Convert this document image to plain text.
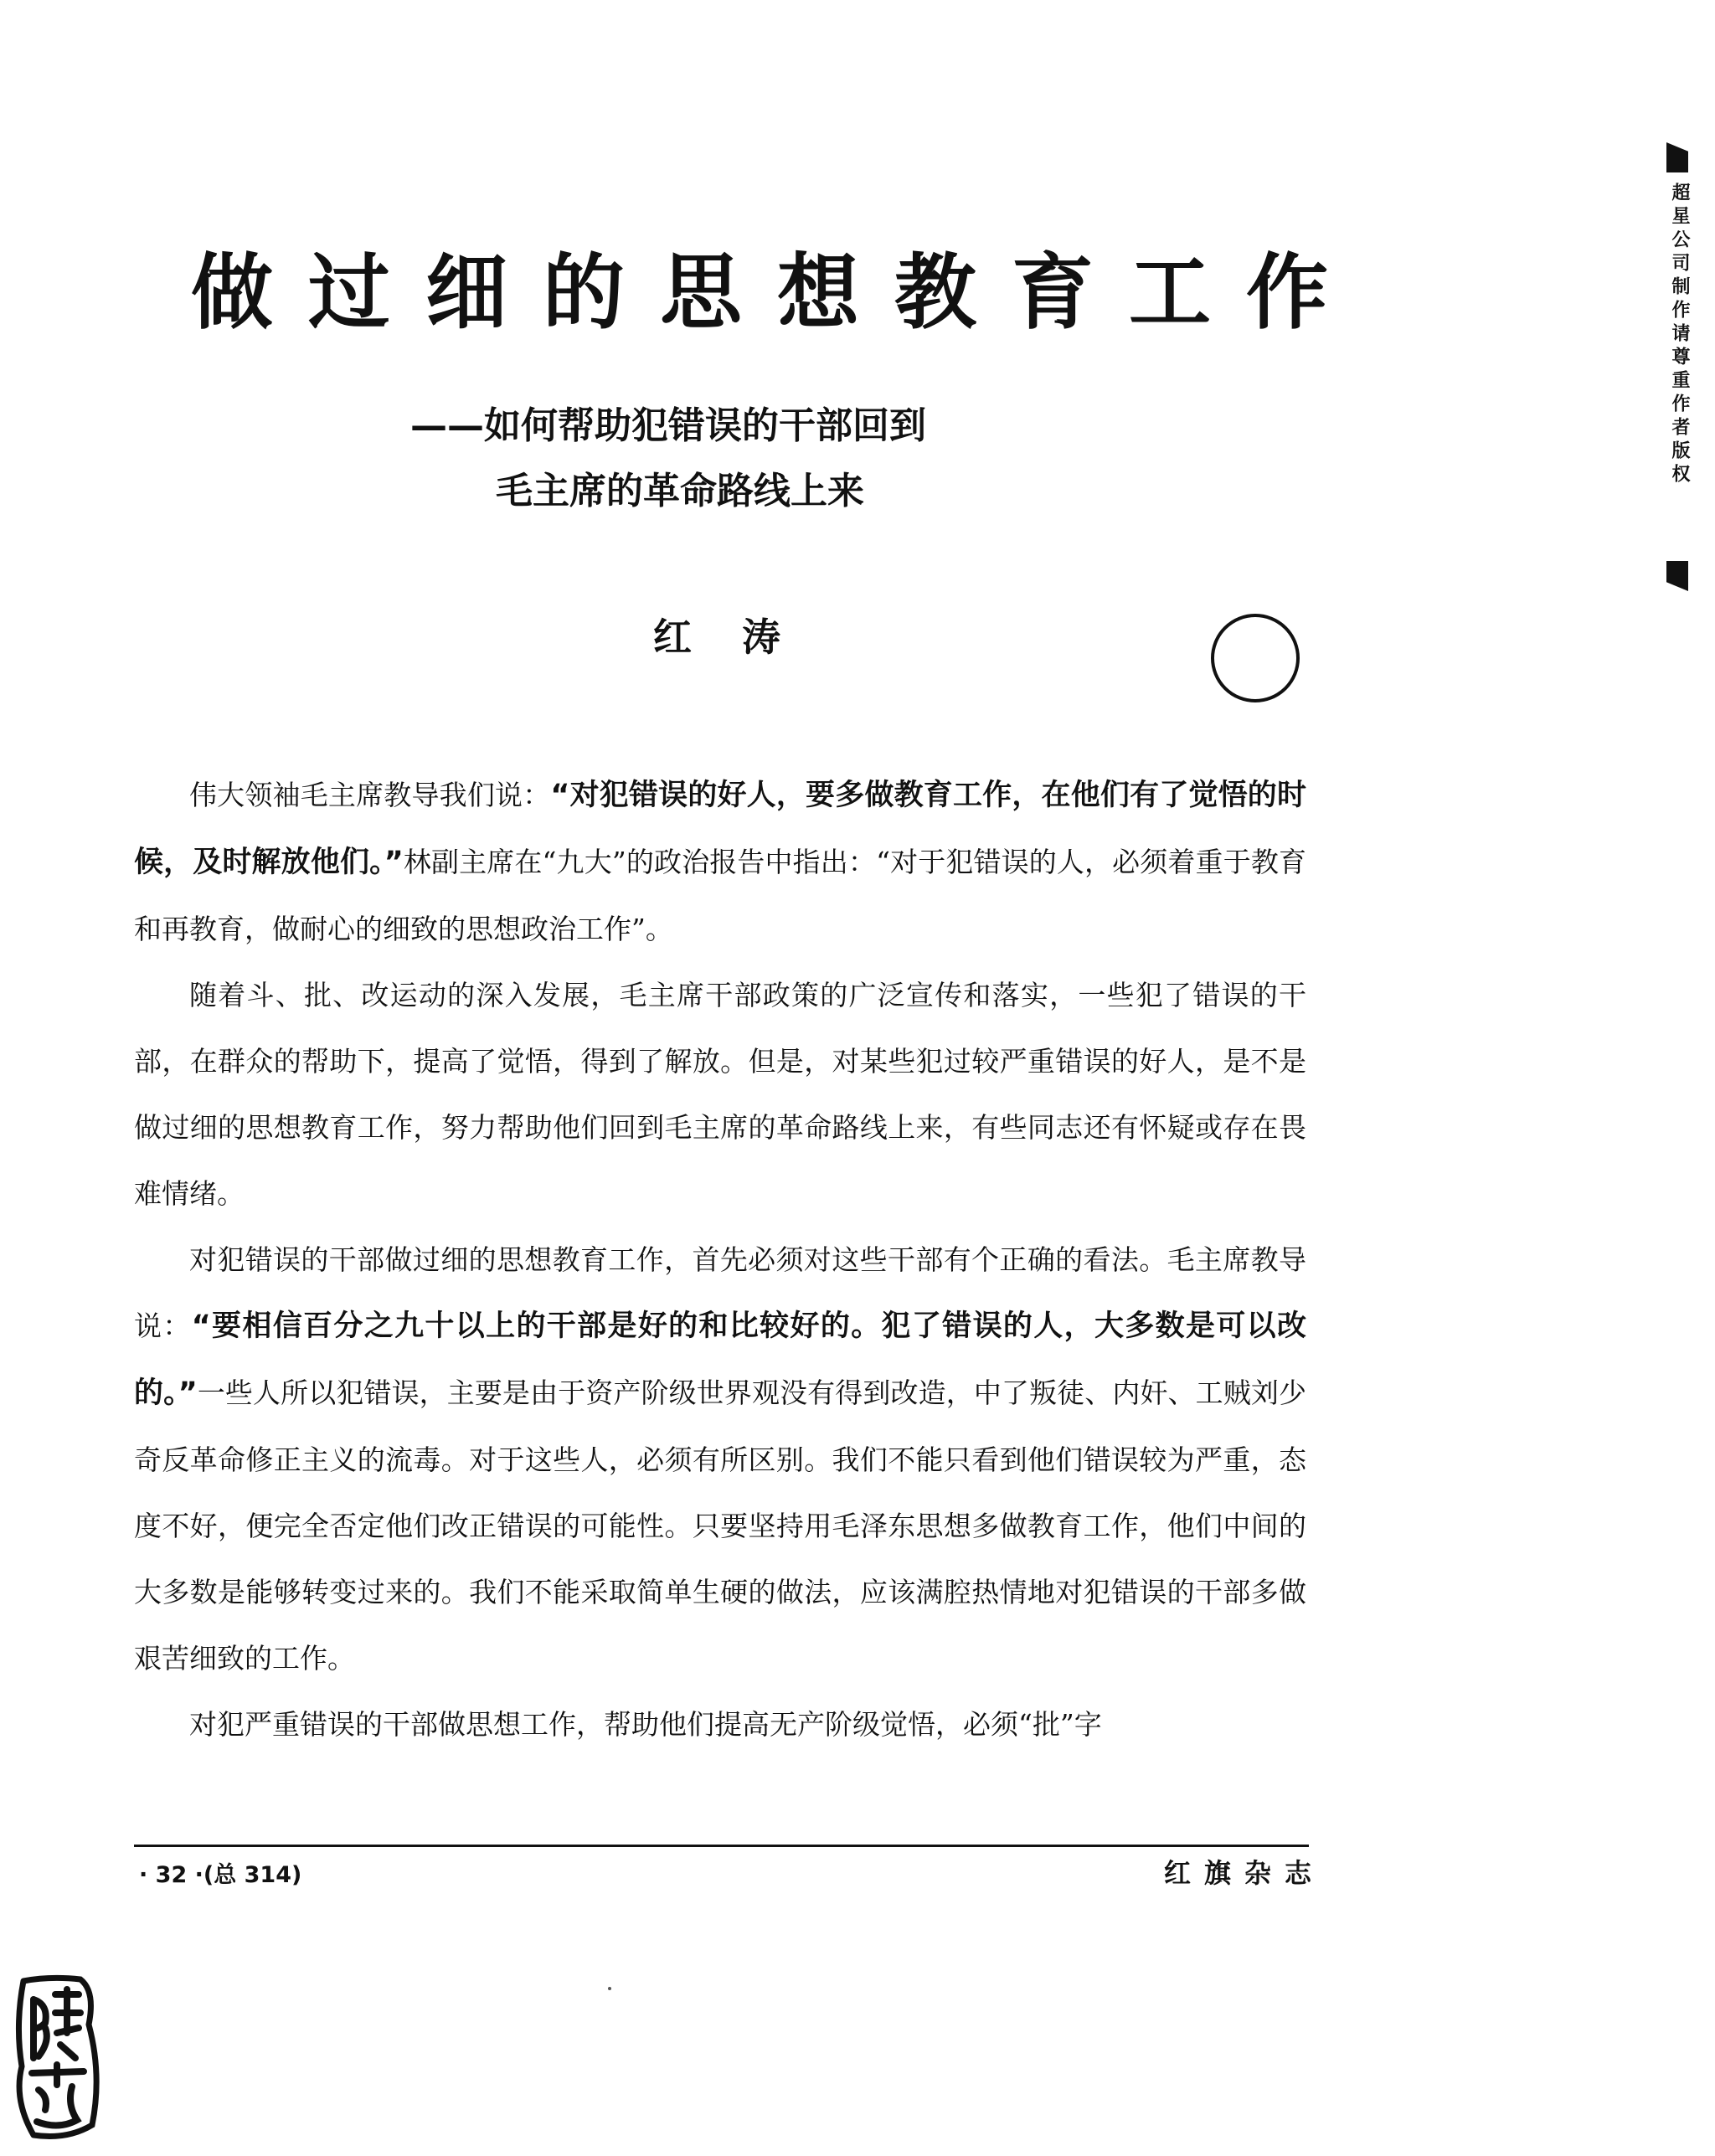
做过细的思想教育工作
——如何帮助犯错误的干部回到
毛主席的革命路线上来
红涛
超星公司制作请尊重作者版权

伟大领袖毛主席教导我们说：“对犯错误的好人，要多做教育工作，在他们有了觉悟的时候，及时解放他们。”林副主席在“九大”的政治报告中指出：“对于犯错误的人，必须着重于教育和再教育，做耐心的细致的思想政治工作”。

随着斗、批、改运动的深入发展，毛主席干部政策的广泛宣传和落实，一些犯了错误的干部，在群众的帮助下，提高了觉悟，得到了解放。但是，对某些犯过较严重错误的好人，是不是做过细的思想教育工作，努力帮助他们回到毛主席的革命路线上来，有些同志还有怀疑或存在畏难情绪。

对犯错误的干部做过细的思想教育工作，首先必须对这些干部有个正确的看法。毛主席教导说：“要相信百分之九十以上的干部是好的和比较好的。犯了错误的人，大多数是可以改的。”一些人所以犯错误，主要是由于资产阶级世界观没有得到改造，中了叛徒、内奸、工贼刘少奇反革命修正主义的流毒。对于这些人，必须有所区别。我们不能只看到他们错误较为严重，态度不好，便完全否定他们改正错误的可能性。只要坚持用毛泽东思想多做教育工作，他们中间的大多数是能够转变过来的。我们不能采取简单生硬的做法，应该满腔热情地对犯错误的干部多做艰苦细致的工作。

对犯严重错误的干部做思想工作，帮助他们提高无产阶级觉悟，必须“批”字

· 32 ·(总 314)	红旗杂志
